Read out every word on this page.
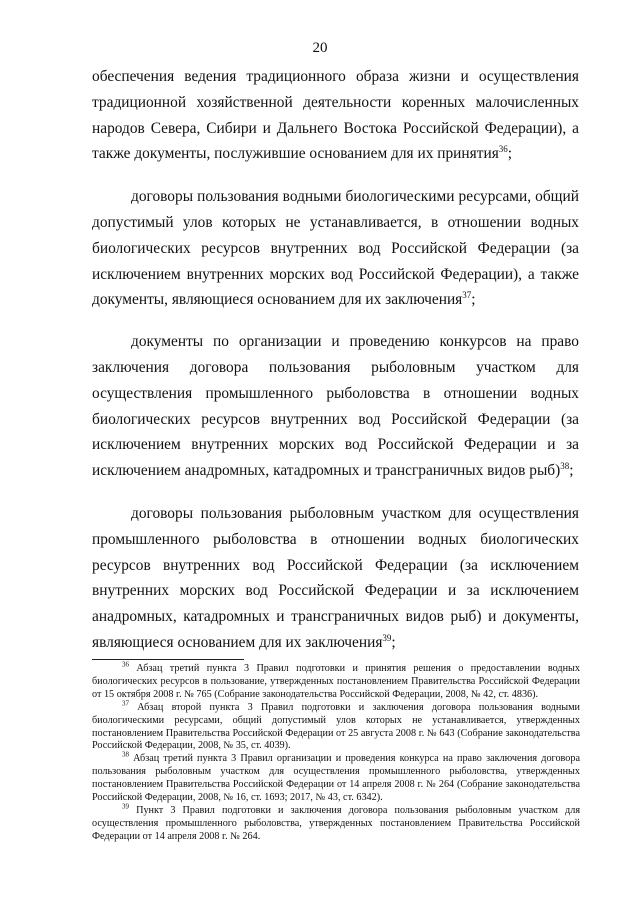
20

обеспечения ведения традиционного образа жизни и осуществления традиционной хозяйственной деятельности коренных малочисленных народов Севера, Сибири и Дальнего Востока Российской Федерации), а также документы, послужившие основанием для их принятия$^{36}$;

договоры пользования водными биологическими ресурсами, общий допустимый улов которых не устанавливается, в отношении водных биологических ресурсов внутренних вод Российской Федерации (за исключением внутренних морских вод Российской Федерации), а также документы, являющиеся основанием для их заключения$^{37}$;

документы по организации и проведению конкурсов на право заключения договора пользования рыболовным участком для осуществления промышленного рыболовства в отношении водных биологических ресурсов внутренних вод Российской Федерации (за исключением внутренних морских вод Российской Федерации и за исключением анадромных, катадромных и трансграничных видов рыб)$^{38}$;

договоры пользования рыболовным участком для осуществления промышленного рыболовства в отношении водных биологических ресурсов внутренних вод Российской Федерации (за исключением внутренних морских вод Российской Федерации и за исключением анадромных, катадромных и трансграничных видов рыб) и документы, являющиеся основанием для их заключения$^{39}$;

$^{36}$ Абзац третий пункта 3 Правил подготовки и принятия решения о предоставлении водных биологических ресурсов в пользование, утвержденных постановлением Правительства Российской Федерации от 15 октября 2008 г. № 765 (Собрание законодательства Российской Федерации, 2008, № 42, ст. 4836).

$^{37}$ Абзац второй пункта 3 Правил подготовки и заключения договора пользования водными биологическими ресурсами, общий допустимый улов которых не устанавливается, утвержденных постановлением Правительства Российской Федерации от 25 августа 2008 г. № 643 (Собрание законодательства Российской Федерации, 2008, № 35, ст. 4039).

$^{38}$ Абзац третий пункта 3 Правил организации и проведения конкурса на право заключения договора пользования рыболовным участком для осуществления промышленного рыболовства, утвержденных постановлением Правительства Российской Федерации от 14 апреля 2008 г. № 264 (Собрание законодательства Российской Федерации, 2008, № 16, ст. 1693; 2017, № 43, ст. 6342).

$^{39}$ Пункт 3 Правил подготовки и заключения договора пользования рыболовным участком для осуществления промышленного рыболовства, утвержденных постановлением Правительства Российской Федерации от 14 апреля 2008 г. № 264.
